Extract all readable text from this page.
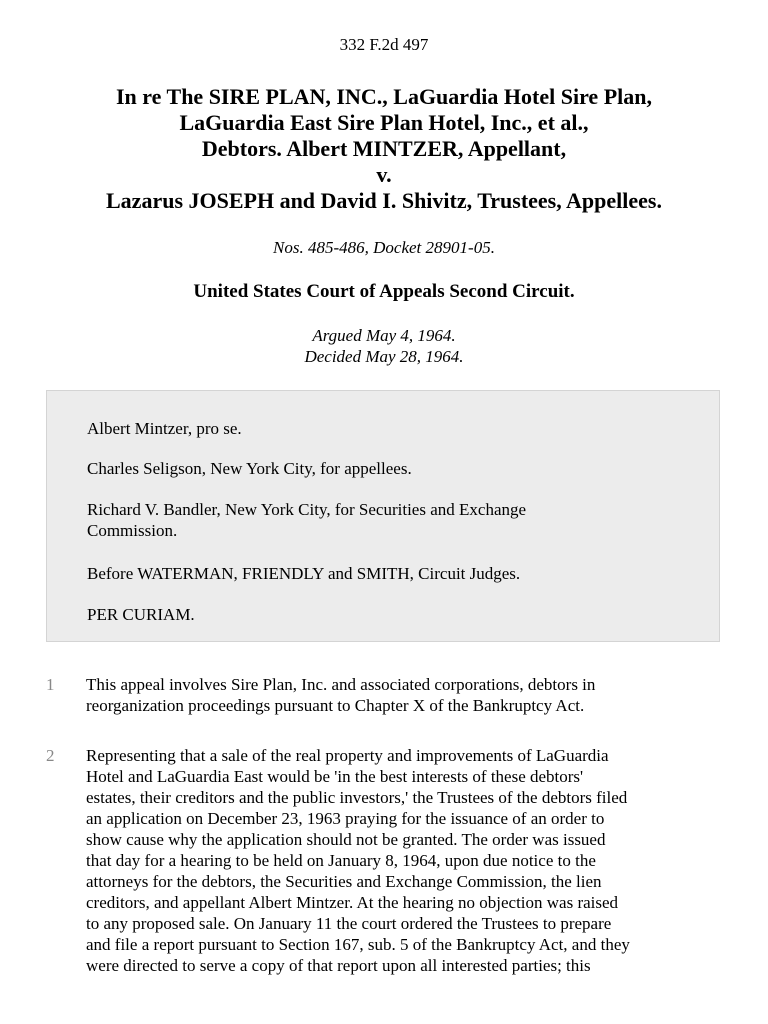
332 F.2d 497
In re The SIRE PLAN, INC., LaGuardia Hotel Sire Plan,
LaGuardia East Sire Plan Hotel, Inc., et al.,
Debtors. Albert MINTZER, Appellant,
v.
Lazarus JOSEPH and David I. Shivitz, Trustees, Appellees.
Nos. 485-486, Docket 28901-05.
United States Court of Appeals Second Circuit.
Argued May 4, 1964.
Decided May 28, 1964.
Albert Mintzer, pro se.
Charles Seligson, New York City, for appellees.
Richard V. Bandler, New York City, for Securities and Exchange
Commission.
Before WATERMAN, FRIENDLY and SMITH, Circuit Judges.
PER CURIAM.
1 This appeal involves Sire Plan, Inc. and associated corporations, debtors in
reorganization proceedings pursuant to Chapter X of the Bankruptcy Act.
2 Representing that a sale of the real property and improvements of LaGuardia
Hotel and LaGuardia East would be 'in the best interests of these debtors'
estates, their creditors and the public investors,' the Trustees of the debtors filed
an application on December 23, 1963 praying for the issuance of an order to
show cause why the application should not be granted. The order was issued
that day for a hearing to be held on January 8, 1964, upon due notice to the
attorneys for the debtors, the Securities and Exchange Commission, the lien
creditors, and appellant Albert Mintzer. At the hearing no objection was raised
to any proposed sale. On January 11 the court ordered the Trustees to prepare
and file a report pursuant to Section 167, sub. 5 of the Bankruptcy Act, and they
were directed to serve a copy of that report upon all interested parties; this
